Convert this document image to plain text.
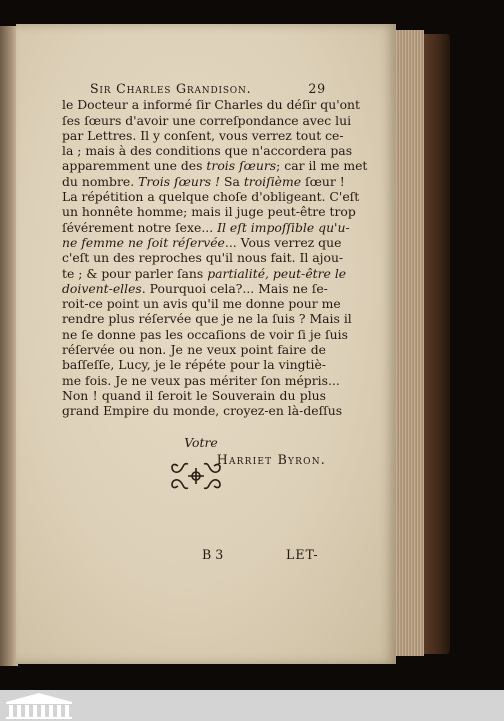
Sir Charles Grandison.	29
le Docteur a informé ſir Charles du déſir qu'ont
ſes ſœurs d'avoir une correſpondance avec lui
par Lettres. Il y conſent, vous verrez tout ce-
la ; mais à des conditions que n'accordera pas
apparemment une des trois ſœurs; car il me met
du nombre. Trois ſœurs ! Sa troiſième ſœur !
La répétition a quelque choſe d'obligeant. C'eſt
un honnête homme; mais il juge peut-être trop
ſévérement notre ſexe... Il eſt impoſſible qu'u-
ne femme ne ſoit réſervée... Vous verrez que
c'eſt un des reproches qu'il nous fait. Il ajou-
te ; & pour parler ſans partialité, peut-être le
doivent-elles. Pourquoi cela?... Mais ne ſe-
roit-ce point un avis qu'il me donne pour me
rendre plus réſervée que je ne la ſuis ? Mais il
ne ſe donne pas les occaſions de voir ſi je ſuis
réſervée ou non. Je ne veux point faire de
baſſeſſe, Lucy, je le répéte pour la vingtiè-
me fois. Je ne veux pas mériter ſon mépris...
Non ! quand il ſeroit le Souverain du plus
grand Empire du monde, croyez-en là-deſſus
Votre
Harriet Byron.
B 3	LET-
